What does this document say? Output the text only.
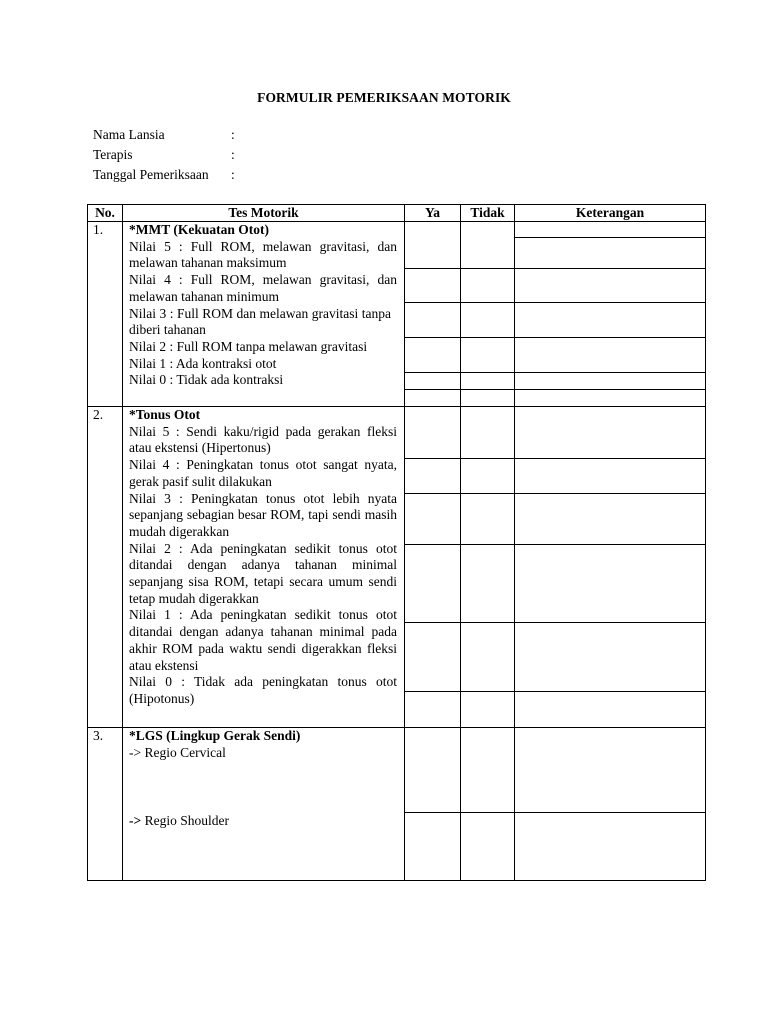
FORMULIR PEMERIKSAAN MOTORIK
Nama Lansia	:
Terapis	:
Tanggal Pemeriksaan :
No.	Tes Motorik	Ya	Tidak	Keterangan
1. *MMT (Kekuatan Otot)
Nilai 5 : Full ROM, melawan gravitasi, dan melawan tahanan maksimum
Nilai 4 : Full ROM, melawan gravitasi, dan melawan tahanan minimum
Nilai 3 : Full ROM dan melawan gravitasi tanpa diberi tahanan
Nilai 2 : Full ROM tanpa melawan gravitasi
Nilai 1 : Ada kontraksi otot
Nilai 0 : Tidak ada kontraksi
2. *Tonus Otot
Nilai 5 : Sendi kaku/rigid pada gerakan fleksi atau ekstensi (Hipertonus)
Nilai 4 : Peningkatan tonus otot sangat nyata, gerak pasif sulit dilakukan
Nilai 3 : Peningkatan tonus otot lebih nyata sepanjang sebagian besar ROM, tapi sendi masih mudah digerakkan
Nilai 2 : Ada peningkatan sedikit tonus otot ditandai dengan adanya tahanan minimal sepanjang sisa ROM, tetapi secara umum sendi tetap mudah digerakkan
Nilai 1 : Ada peningkatan sedikit tonus otot ditandai dengan adanya tahanan minimal pada akhir ROM pada waktu sendi digerakkan fleksi atau ekstensi
Nilai 0 : Tidak ada peningkatan tonus otot (Hipotonus)
3. *LGS (Lingkup Gerak Sendi)
-> Regio Cervical
-> Regio Shoulder
